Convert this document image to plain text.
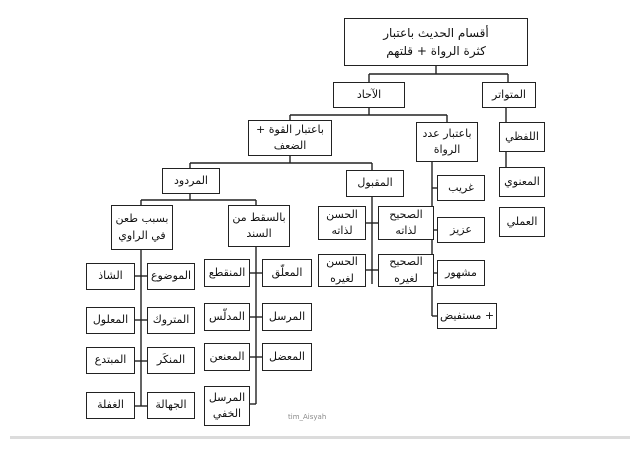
أقسام الحديث باعتبار
كثرة الرواة + قلتهم
المتواتر
الآحاد
اللفظي
المعنوي
العملي
باعتبار عدد
الرواة
باعتبار القوة +
الضعف
غريب
عزيز
مشهور
+ مستفيض
المقبول
المردود
الصحيح
لذاته
الحسن
لذاته
الصحيح
لغيره
الحسن
لغيره
بالسقط من
السند
بسبب طعن
في الراوي
المعلّق
المرسل
المعضل
المنقطع
المدلّس
المعنعن
المرسل
الخفي
الموضوع
المتروك
المنكَر
الجهالة
الشاذ
المعلول
المبتدع
الغفلة
tim_Aisyah
